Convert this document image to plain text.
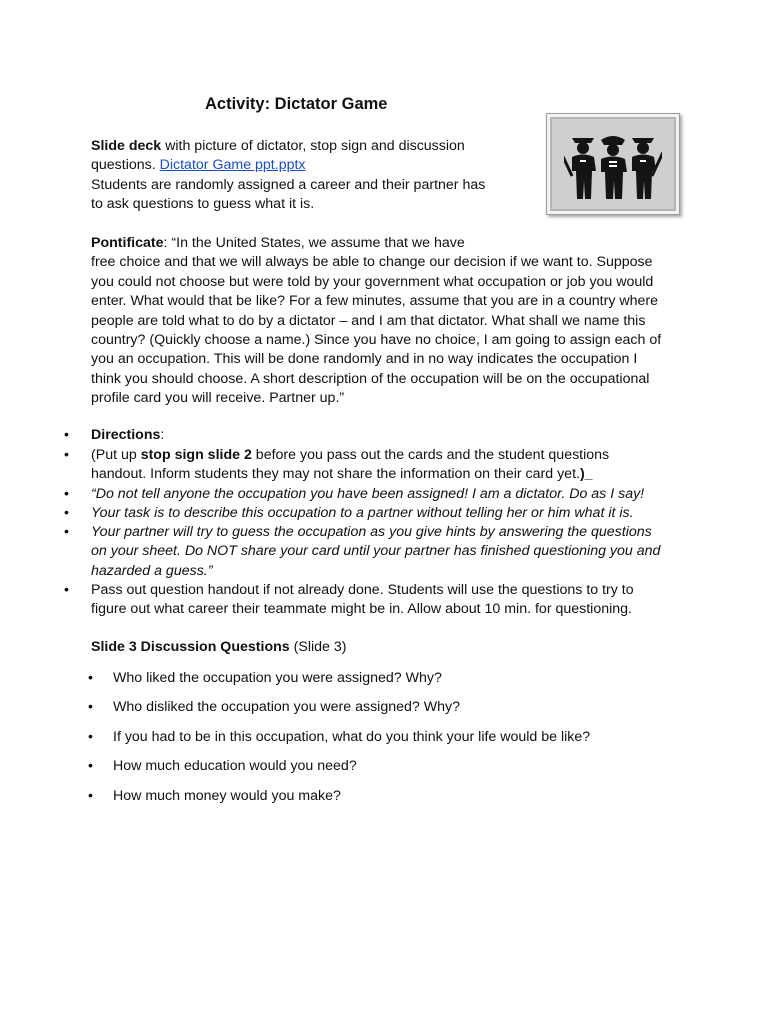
Activity: Dictator Game
Slide deck with picture of dictator, stop sign and discussion
questions. Dictator Game ppt.pptx
Students are randomly assigned a career and their partner has
to ask questions to guess what it is.
Pontificate: “In the United States, we assume that we have
free choice and that we will always be able to change our decision if we want to. Suppose
you could not choose but were told by your government what occupation or job you would
enter. What would that be like? For a few minutes, assume that you are in a country where
people are told what to do by a dictator – and I am that dictator. What shall we name this
country? (Quickly choose a name.) Since you have no choice, I am going to assign each of
you an occupation. This will be done randomly and in no way indicates the occupation I
think you should choose. A short description of the occupation will be on the occupational
profile card you will receive. Partner up.”
•	Directions:
•	(Put up stop sign slide 2 before you pass out the cards and the student questions
handout. Inform students they may not share the information on their card yet.)_
•	“Do not tell anyone the occupation you have been assigned! I am a dictator. Do as I say!
•	Your task is to describe this occupation to a partner without telling her or him what it is.
•	Your partner will try to guess the occupation as you give hints by answering the questions
on your sheet. Do NOT share your card until your partner has finished questioning you and
hazarded a guess.”
•	Pass out question handout if not already done. Students will use the questions to try to
figure out what career their teammate might be in. Allow about 10 min. for questioning.
Slide 3 Discussion Questions (Slide 3)
• Who liked the occupation you were assigned? Why?
• Who disliked the occupation you were assigned? Why?
• If you had to be in this occupation, what do you think your life would be like?
• How much education would you need?
• How much money would you make?
